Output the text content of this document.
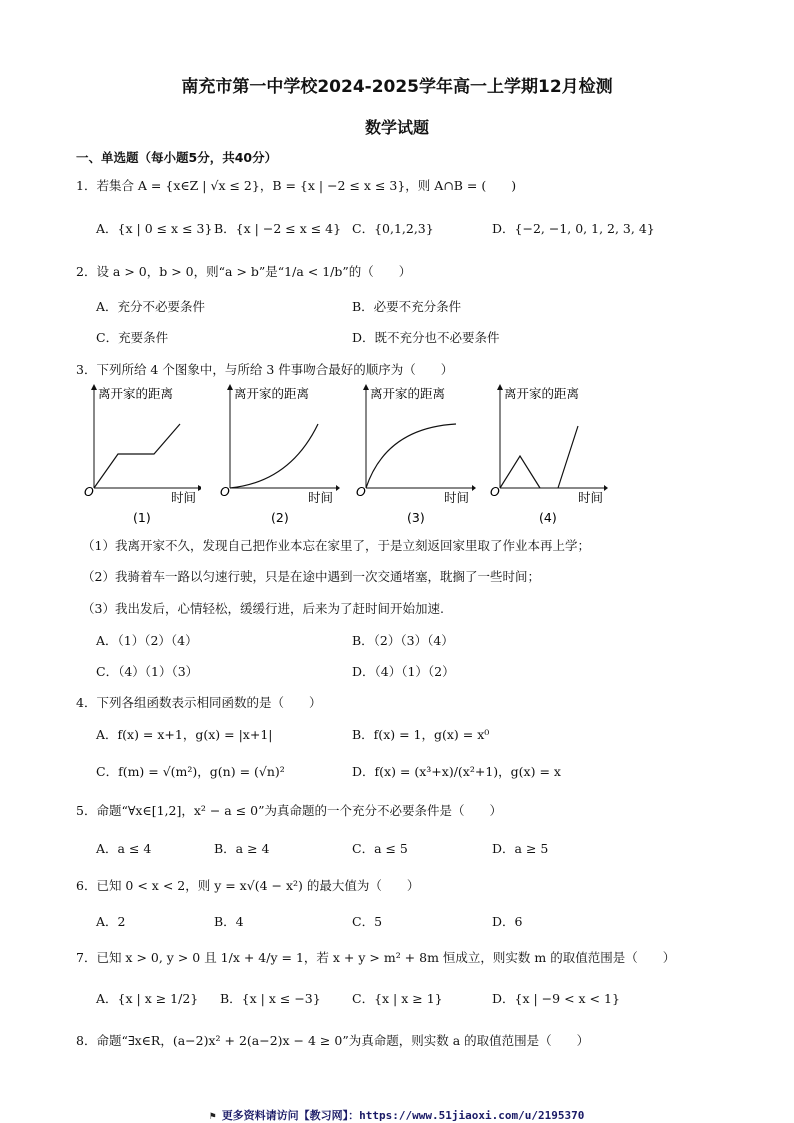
南充市第一中学校2024-2025学年高一上学期12月检测
数学试题
一、单选题（每小题5分，共40分）
1．若集合 A = {x∈Z | √x ≤ 2}，B = {x | −2 ≤ x ≤ 3}，则 A∩B = (　　)
A．{x | 0 ≤ x ≤ 3} B．{x | −2 ≤ x ≤ 4} C．{0,1,2,3}	D．{−2, −1, 0, 1, 2, 3, 4}
2．设 a > 0，b > 0，则“a > b”是“1/a < 1/b”的（　　）
A．充分不必要条件	B．必要不充分条件
C．充要条件	D．既不充分也不必要条件
3．下列所给 4 个图象中，与所给 3 件事吻合最好的顺序为（　　）
离开家的距离
O	时间
(1)
离开家的距离
O	时间
(2)
离开家的距离
O	时间
(3)
离开家的距离
O	时间
(4)
（1）我离开家不久，发现自己把作业本忘在家里了，于是立刻返回家里取了作业本再上学；
（2）我骑着车一路以匀速行驶，只是在途中遇到一次交通堵塞，耽搁了一些时间；
（3）我出发后，心情轻松，缓缓行进，后来为了赶时间开始加速.
A．（1）（2）（4）	B．（2）（3）（4）
C．（4）（1）（3）	D．（4）（1）（2）
4．下列各组函数表示相同函数的是（　　）
A．f(x) = x+1，g(x) = |x+1|	B．f(x) = 1，g(x) = x⁰
C．f(m) = √(m²)，g(n) = (√n)²	D．f(x) = (x³+x)/(x²+1)，g(x) = x
5．命题“∀x∈[1,2]，x² − a ≤ 0”为真命题的一个充分不必要条件是（　　）
A．a ≤ 4	B．a ≥ 4	C．a ≤ 5	D．a ≥ 5
6．已知 0 < x < 2，则 y = x√(4 − x²) 的最大值为（　　）
A．2	B．4	C．5	D．6
7．已知 x > 0, y > 0 且 1/x + 4/y = 1，若 x + y > m² + 8m 恒成立，则实数 m 的取值范围是（　　）
A．{x | x ≥ 1/2} B．{x | x ≤ −3}	C．{x | x ≥ 1}	D．{x | −9 < x < 1}
8．命题“∃x∈R，(a−2)x² + 2(a−2)x − 4 ≥ 0”为真命题，则实数 a 的取值范围是（　　）
⚑ 更多资料请访问【教习网】：https://www.51jiaoxi.com/u/2195370
